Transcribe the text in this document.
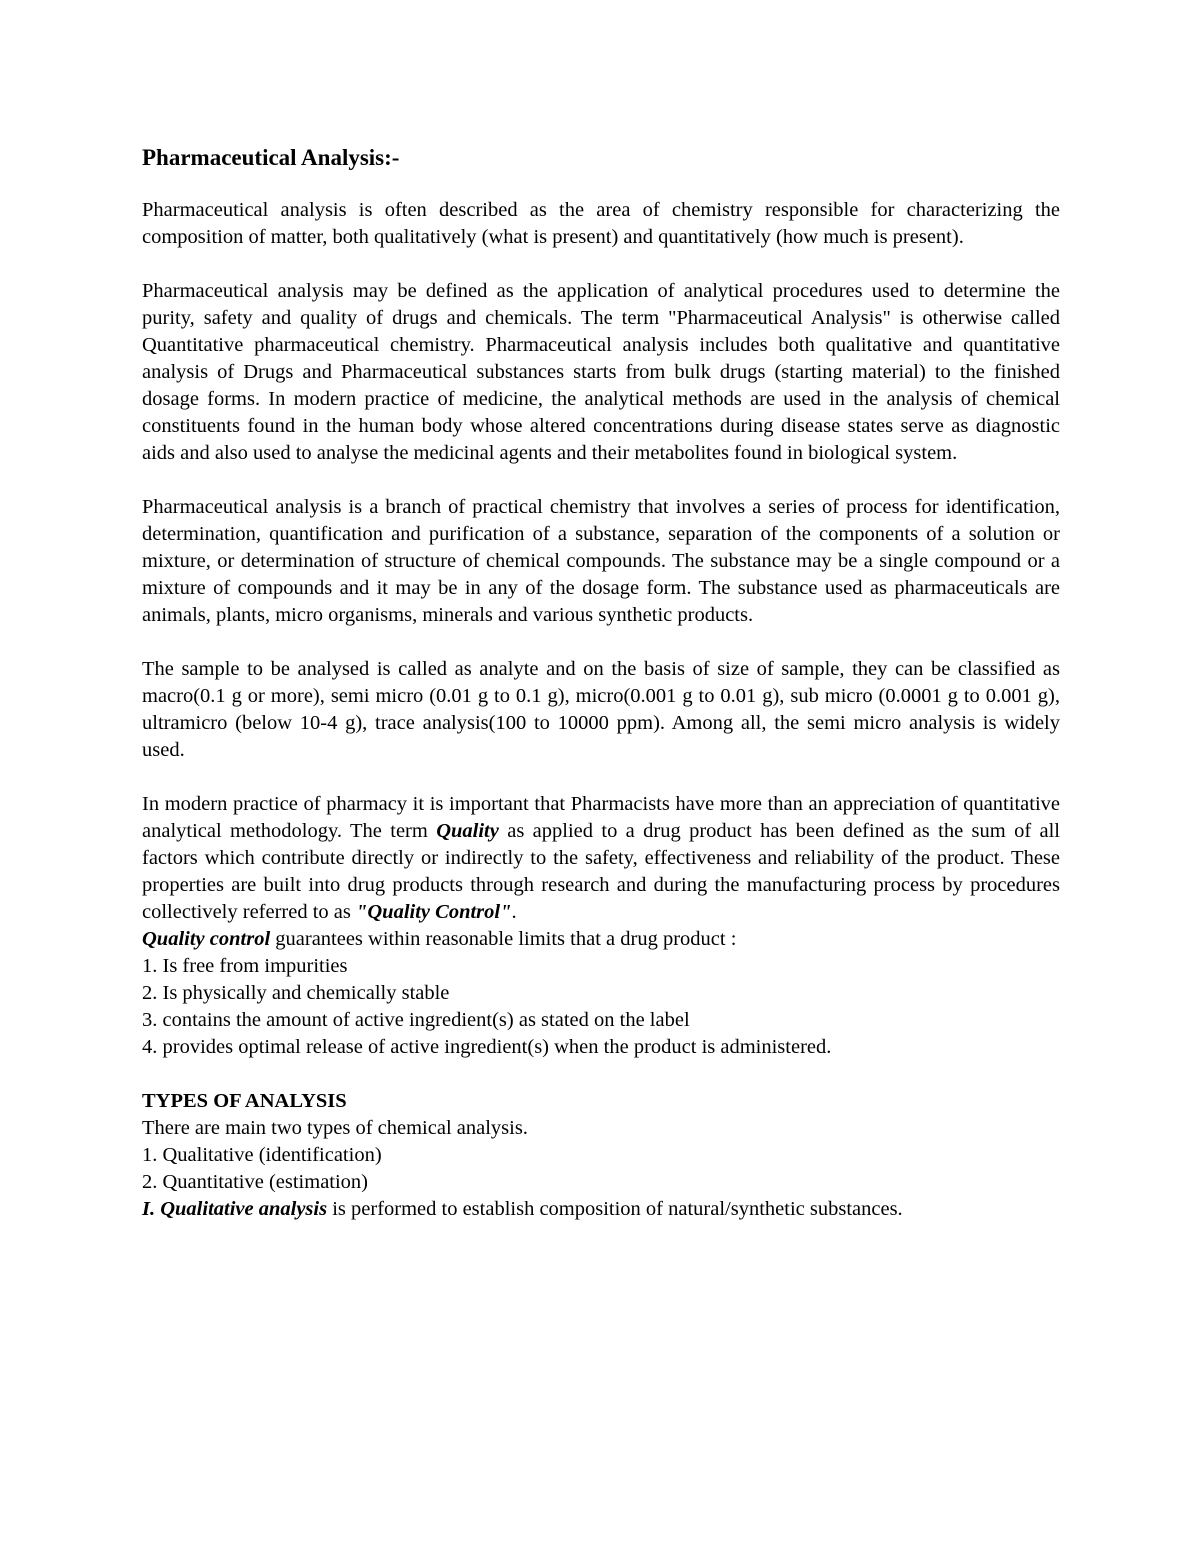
Pharmaceutical Analysis:-

Pharmaceutical analysis is often described as the area of chemistry responsible for characterizing the composition of matter, both qualitatively (what is present) and quantitatively (how much is present).

Pharmaceutical analysis may be defined as the application of analytical procedures used to determine the purity, safety and quality of drugs and chemicals. The term "Pharmaceutical Analysis" is otherwise called Quantitative pharmaceutical chemistry. Pharmaceutical analysis includes both qualitative and quantitative analysis of Drugs and Pharmaceutical substances starts from bulk drugs (starting material) to the finished dosage forms. In modern practice of medicine, the analytical methods are used in the analysis of chemical constituents found in the human body whose altered concentrations during disease states serve as diagnostic aids and also used to analyse the medicinal agents and their metabolites found in biological system.

Pharmaceutical analysis is a branch of practical chemistry that involves a series of process for identification, determination, quantification and purification of a substance, separation of the components of a solution or mixture, or determination of structure of chemical compounds. The substance may be a single compound or a mixture of compounds and it may be in any of the dosage form. The substance used as pharmaceuticals are animals, plants, micro organisms, minerals and various synthetic products.

The sample to be analysed is called as analyte and on the basis of size of sample, they can be classified as macro(0.1 g or more), semi micro (0.01 g to 0.1 g), micro(0.001 g to 0.01 g), sub micro (0.0001 g to 0.001 g), ultramicro (below 10-4 g), trace analysis(100 to 10000 ppm). Among all, the semi micro analysis is widely used.

In modern practice of pharmacy it is important that Pharmacists have more than an appreciation of quantitative analytical methodology. The term Quality as applied to a drug product has been defined as the sum of all factors which contribute directly or indirectly to the safety, effectiveness and reliability of the product. These properties are built into drug products through research and during the manufacturing process by procedures collectively referred to as "Quality Control".

Quality control guarantees within reasonable limits that a drug product :
1. Is free from impurities
2. Is physically and chemically stable
3. contains the amount of active ingredient(s) as stated on the label
4. provides optimal release of active ingredient(s) when the product is administered.
TYPES OF ANALYSIS
There are main two types of chemical analysis.
1. Qualitative (identification)
2. Quantitative (estimation)
I. Qualitative analysis is performed to establish composition of natural/synthetic substances.
